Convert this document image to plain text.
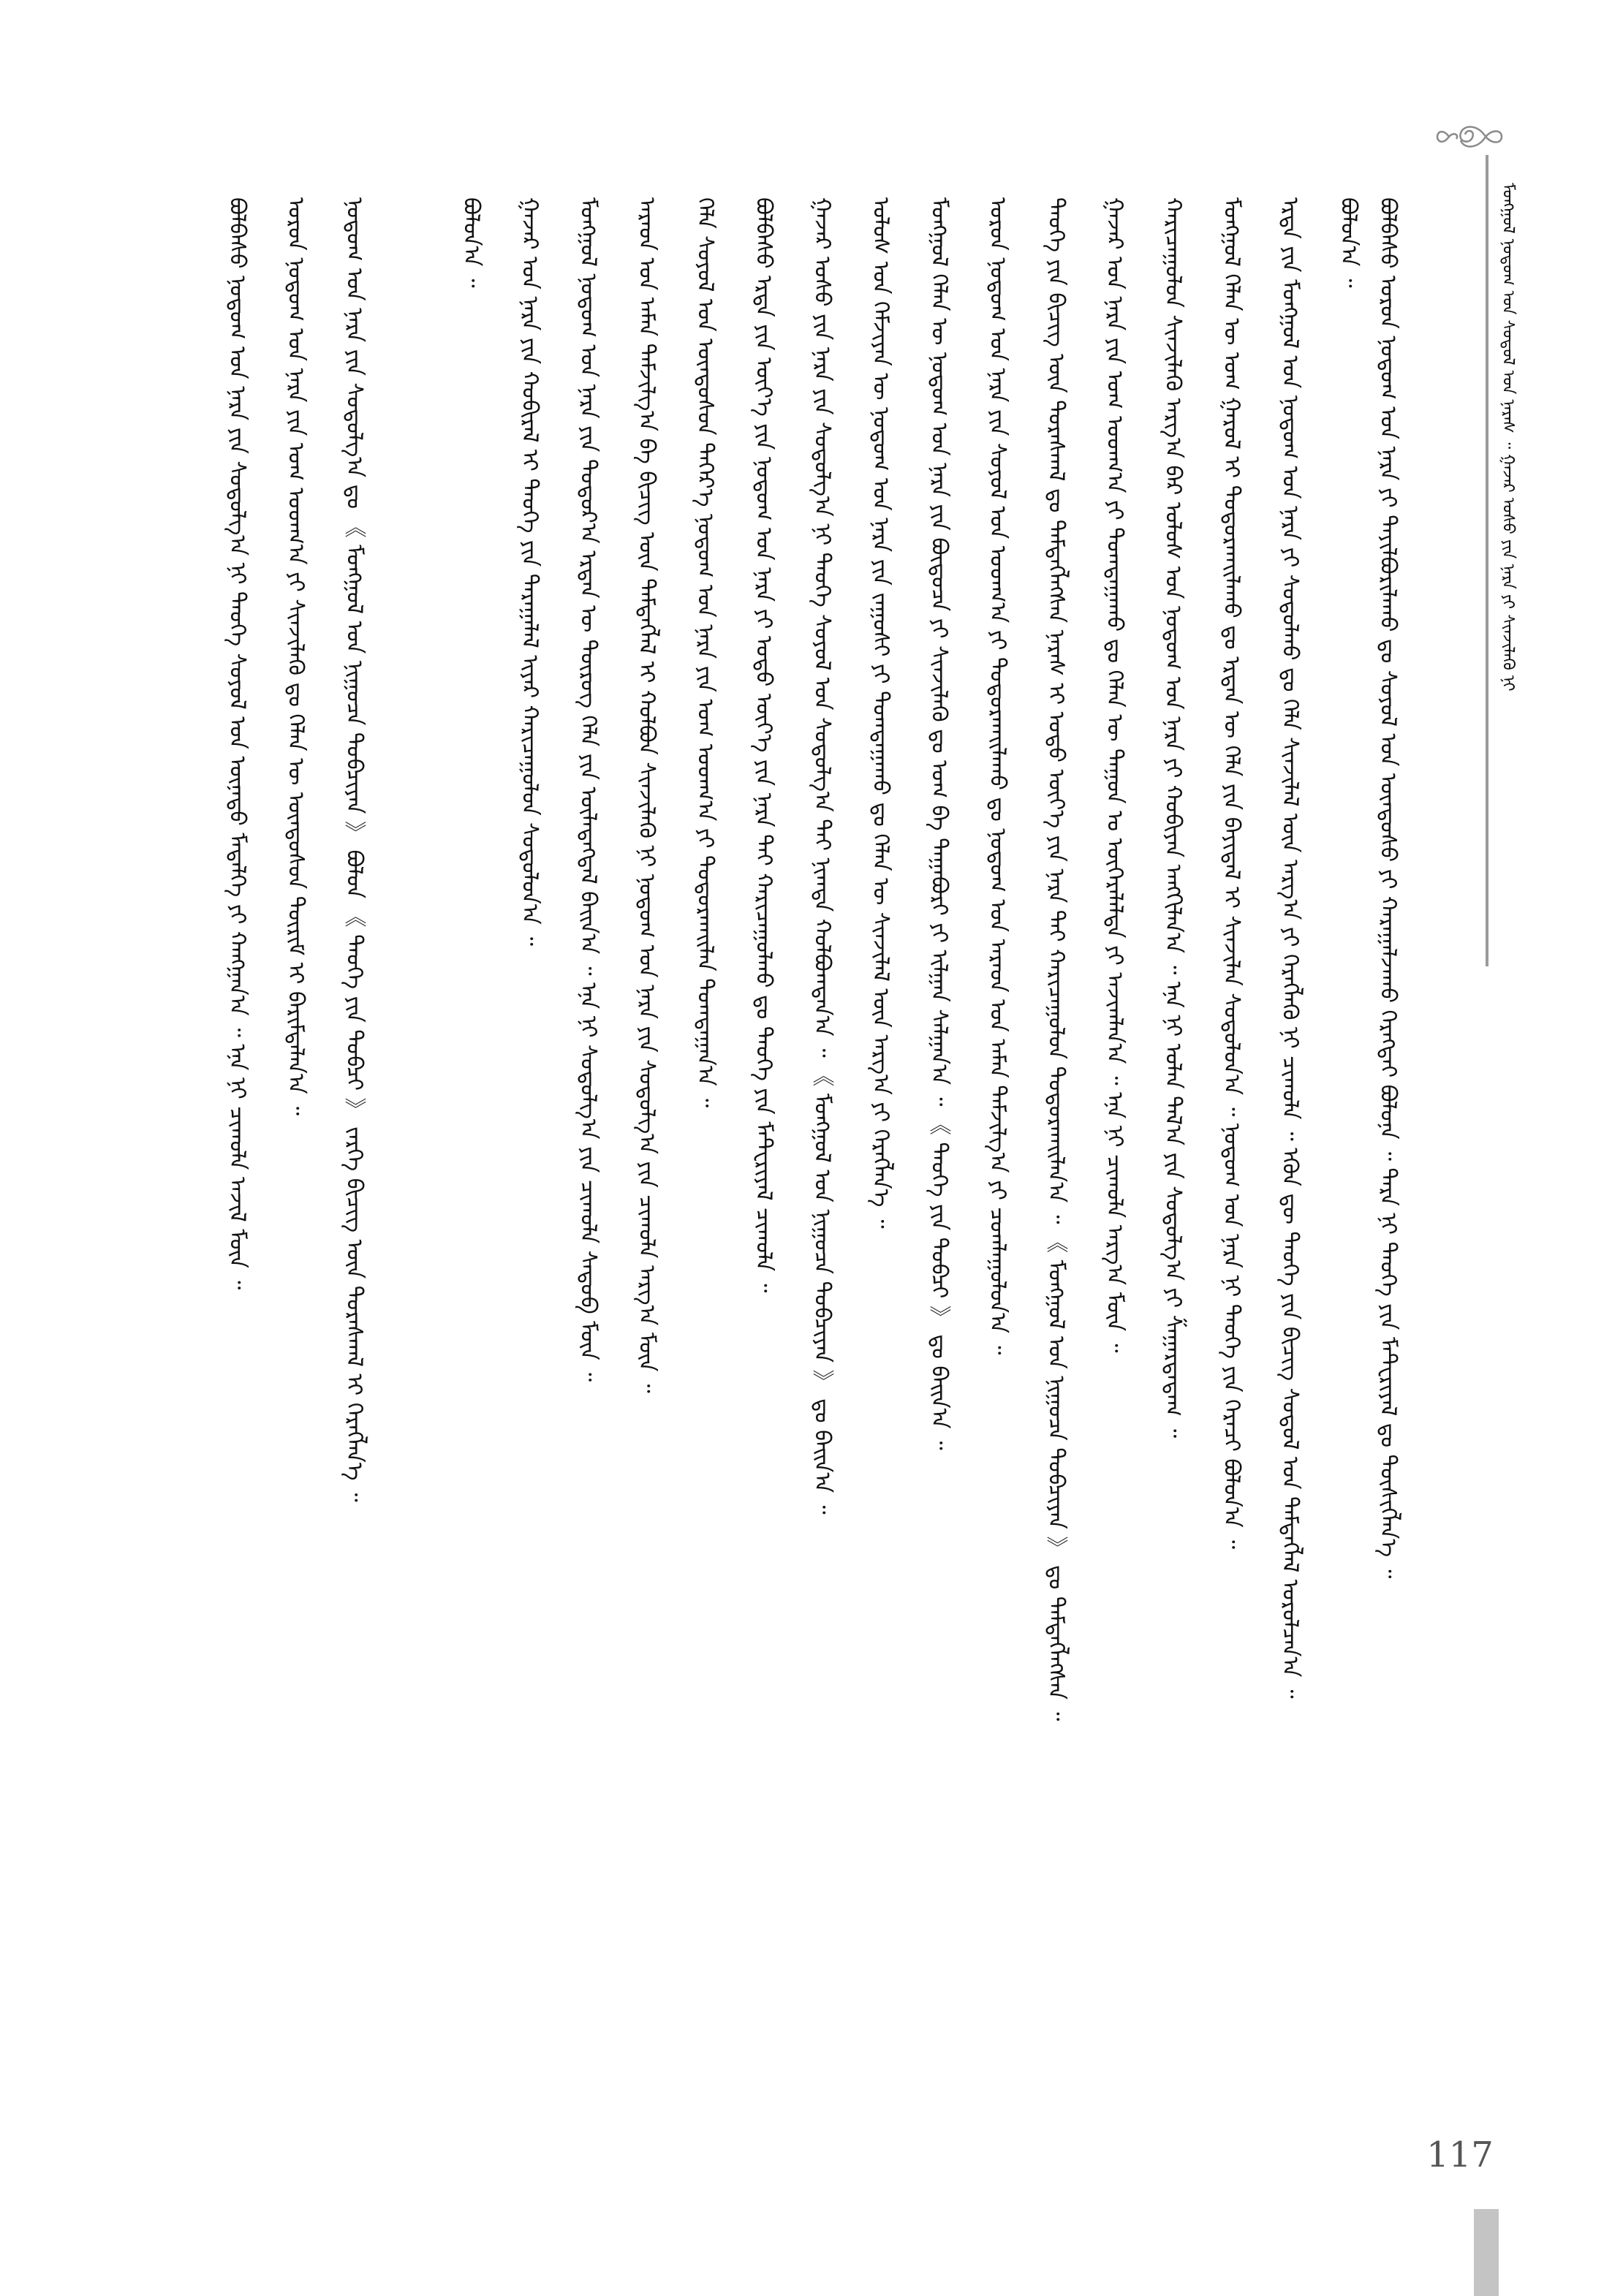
ᠮᠣᠩᠭᠣᠯ ᠨᠤᠲᠤᠭ ᠤᠨ ᠰᠤᠳᠤᠯ ᠤᠨ ᠨᠡᠷᠡᠰ ᠃ ᠭᠠᠵᠠᠷ ᠤᠰᠤ ᠶᠢᠨ ᠨᠡᠷᠡ ᠶᠢ ᠰᠢᠨᠵᠢᠯᠡᠬᠦ ᠨᠢ
ᠪᠣᠯᠪᠠᠰᠤ ᠣᠷᠣᠨ ᠨᠤᠲᠤᠭ ᠤᠨ ᠨᠡᠷᠡ ᠶᠢ ᠲᠠᠶᠢᠯᠪᠤᠷᠢᠯᠠᠬᠤ ᠳᠤ ᠰᠣᠶᠤᠯ ᠤᠨ ᠦᠨᠳᠦᠰᠦ ᠶᠢ ᠬᠠᠷᠠᠭᠠᠯᠵᠠᠬᠤ ᠬᠡᠷᠡᠭᠲᠡᠢ ᠪᠣᠯᠤᠨᠠ ᠃ ᠲᠡᠷᠡ ᠨᠢ ᠲᠡᠦᠬᠡ ᠶᠢᠨ ᠮᠠᠲ᠋ᠧᠷᠢᠶᠠᠯ ᠳᠤ ᠲᠦᠰᠢᠭᠯᠡᠨ᠎ᠡ ᠃
ᠪᠣᠯᠤᠨ᠎ᠠ ᠃
ᠡᠷᠲᠡ ᠶᠢᠨ ᠮᠣᠩᠭᠣᠯ ᠤᠨ ᠨᠤᠲᠤᠭ ᠤᠨ ᠨᠡᠷᠡ ᠶᠢ ᠰᠤᠳᠤᠯᠬᠤ ᠳᠤ ᠬᠡᠯᠡ ᠰᠢᠨᠵᠢᠯᠡᠯ ᠦᠨ ᠠᠷᠭ᠎ᠠ ᠶᠢ ᠬᠡᠷᠡᠭᠯᠡᠬᠦ ᠨᠢ ᠴᠢᠬᠤᠯᠠ ᠃ ᠡᠭᠦᠨ ᠳᠦ ᠲᠡᠦᠬᠡ ᠶᠢᠨ ᠪᠢᠴᠢᠭ ᠰᠤᠳᠤᠯ ᠤᠨ ᠲᠡᠮᠳᠡᠭᠯᠡᠯ ᠣᠷᠣᠯᠴᠠᠨ᠎ᠠ ᠃
ᠮᠣᠩᠭᠣᠯ ᠬᠡᠯᠡᠨ ᠦ ᠤᠭ ᠭᠠᠷᠤᠯ ᠢ ᠲᠣᠳᠣᠷᠬᠠᠢᠯᠠᠬᠤ ᠳᠤ ᠡᠷᠲᠡᠨ ᠦ ᠬᠡᠯᠡ ᠶᠢᠨ ᠪᠠᠶᠢᠳᠠᠯ ᠢ ᠰᠢᠨᠵᠢᠯᠡᠨ ᠰᠤᠳᠤᠯᠤᠨ᠎ᠠ ᠃ ᠨᠤᠲᠤᠭ ᠤᠨ ᠨᠡᠷᠡ ᠨᠢ ᠲᠡᠦᠬᠡ ᠶᠢᠨ ᠭᠡᠷᠡᠴᠢ ᠪᠣᠯᠤᠨ᠎ᠠ ᠃
ᠬᠠᠷᠢᠴᠠᠭᠤᠯᠤᠨ ᠰᠢᠨᠵᠢᠯᠡᠬᠦ ᠠᠷᠭ᠎ᠠ ᠪᠠᠷ ᠤᠯᠤᠰ ᠤᠨ ᠨᠤᠲᠤᠭ ᠤᠨ ᠨᠡᠷᠡ ᠶᠢ ᠬᠤᠪᠢᠶᠠᠨ ᠠᠩᠭᠢᠯᠠᠨ᠎ᠠ ᠃ ᠡᠨᠡ ᠨᠢ ᠣᠯᠠᠨ ᠲᠠᠯ᠎ᠠ ᠶᠢᠨ ᠰᠤᠳᠤᠯᠭ᠎ᠠ ᠶᠢ ᠱᠠᠭᠠᠷᠳᠠᠳᠠᠭ ᠃
ᠭᠠᠵᠠᠷ ᠤᠨ ᠨᠡᠷᠡ ᠶᠢᠨ ᠤᠭ ᠤᠳᠬ᠎ᠠ ᠶᠢ ᠲᠣᠭᠲᠠᠭᠠᠬᠤ ᠳᠤ ᠬᠡᠯᠡᠨ ᠦ ᠳᠠᠭᠤᠨ ᠤ ᠥᠭᠡᠷᠡᠯᠡᠯᠲᠡ ᠶᠢ ᠠᠵᠢᠭᠯᠠᠨ᠎ᠠ ᠃ ᠡᠨᠡ ᠨᠢ ᠴᠢᠬᠤᠯᠠ ᠠᠷᠭ᠎ᠠ ᠮᠦᠨ ᠃
ᠲᠡᠦᠬᠡ ᠶᠢᠨ ᠪᠢᠴᠢᠭ ᠦᠨ ᠳᠤᠷᠠᠰᠬᠠᠯ ᠳᠤ ᠲᠡᠮᠳᠡᠭᠯᠡᠭᠰᠡᠨ ᠨᠡᠷᠡᠰ ᠢ ᠣᠳᠣ ᠦᠶ᠎ᠡ ᠶᠢᠨ ᠨᠡᠷᠡ ᠲᠡᠢ ᠬᠠᠷᠢᠴᠠᠭᠤᠯᠤᠨ ᠲᠣᠳᠣᠷᠬᠠᠢᠯᠠᠨ᠎ᠠ ᠃ 《 ᠮᠣᠩᠭᠣᠯ ᠤᠨ ᠨᠢᠭᠤᠴᠠ ᠲᠣᠪᠴᠢᠶᠠᠨ 》 ᠳᠤ ᠲᠡᠮᠳᠡᠭᠯᠡᠭᠰᠡᠨ ᠃
ᠣᠷᠣᠨ ᠨᠤᠲᠤᠭ ᠤᠨ ᠨᠡᠷᠡ ᠶᠢᠨ ᠰᠣᠶᠤᠯ ᠤᠨ ᠤᠳᠬ᠎ᠠ ᠶᠢ ᠲᠣᠳᠣᠷᠬᠠᠢᠯᠠᠬᠤ ᠳᠤ ᠨᠤᠲᠤᠭ ᠤᠨ ᠠᠷᠠᠳ ᠤᠨ ᠠᠮᠠᠨ ᠳᠠᠮᠵᠢᠯᠭ᠎ᠠ ᠶᠢ ᠴᠤᠭᠯᠠᠭᠤᠯᠤᠨ᠎ᠠ ᠃
ᠮᠣᠩᠭᠣᠯ ᠬᠡᠯᠡᠨ ᠦ ᠨᠤᠲᠤᠭ ᠤᠨ ᠨᠡᠷᠡ ᠶᠢᠨ ᠪᠦᠲᠦᠴᠡ ᠶᠢ ᠰᠢᠨᠵᠢᠯᠡᠬᠦ ᠳᠤ ᠤᠭ ᠪᠠ ᠳᠠᠭᠠᠪᠤᠷᠢ ᠶᠢ ᠢᠯᠭᠠᠨ ᠰᠠᠯᠭᠠᠨ᠎ᠠ ᠃ 《 ᠲᠡᠦᠬᠡ ᠶᠢᠨ ᠲᠣᠪᠴᠢ 》 ᠳᠤ ᠪᠠᠢᠨ᠎ᠠ ᠃
ᠤᠯᠤᠰ ᠤᠨ ᠬᠡᠮᠵᠢᠶᠡᠨ ᠦ ᠨᠤᠲᠤᠭ ᠤᠨ ᠨᠡᠷᠡ ᠶᠢᠨ ᠵᠠᠭᠤᠰᠢ ᠶᠢ ᠲᠣᠭᠲᠠᠭᠠᠬᠤ ᠳᠤ ᠬᠡᠯᠡᠨ ᠦ ᠰᠢᠨᠵᠢᠯᠡᠯ ᠦᠨ ᠠᠷᠭ᠎ᠠ ᠶᠢ ᠬᠡᠷᠡᠭᠯᠡᠨ᠎ᠡ ᠃
ᠭᠠᠵᠠᠷ ᠤᠰᠤ ᠶᠢᠨ ᠨᠡᠷᠡ ᠶᠢᠨ ᠰᠤᠳᠤᠯᠭ᠎ᠠ ᠨᠢ ᠲᠡᠦᠬᠡ ᠰᠣᠶᠤᠯ ᠤᠨ ᠰᠤᠳᠤᠯᠭ᠎ᠠ ᠲᠠᠢ ᠨᠢᠭᠲᠠ ᠬᠣᠯᠪᠣᠭᠳᠠᠨ᠎ᠠ ᠃ 《 ᠮᠣᠩᠭᠣᠯ ᠤᠨ ᠨᠢᠭᠤᠴᠠ ᠲᠣᠪᠴᠢᠶᠠᠨ 》 ᠳᠤ ᠪᠠᠢᠨ᠎ᠠ ᠃
ᠪᠣᠯᠪᠠᠰᠤ ᠡᠷᠲᠡ ᠶᠢᠨ ᠦᠶ᠎ᠡ ᠶᠢᠨ ᠨᠤᠲᠤᠭ ᠤᠨ ᠨᠡᠷᠡ ᠶᠢ ᠣᠳᠣ ᠦᠶ᠎ᠡ ᠶᠢᠨ ᠨᠡᠷᠡ ᠲᠡᠢ ᠬᠠᠷᠢᠴᠠᠭᠤᠯᠬᠤ ᠳᠤ ᠲᠡᠦᠬᠡ ᠶᠢᠨ ᠮᠠᠲ᠋ᠧᠷᠢᠶᠠᠯ ᠴᠢᠬᠤᠯᠠ ᠃
ᠬᠡᠯᠡ ᠰᠣᠶᠤᠯ ᠤᠨ ᠦᠨᠳᠦᠰᠦᠨ ᠳᠡᠭᠡᠷ᠎ᠡ ᠨᠤᠲᠤᠭ ᠤᠨ ᠨᠡᠷᠡ ᠶᠢᠨ ᠤᠭ ᠤᠳᠬ᠎ᠠ ᠶᠢ ᠲᠣᠳᠣᠷᠬᠠᠢᠯᠠᠨ ᠲᠣᠭᠲᠠᠭᠠᠨ᠎ᠠ ᠃
ᠠᠷᠠᠳ ᠤᠨ ᠠᠮᠠᠨ ᠳᠠᠮᠵᠢᠯᠭ᠎ᠠ ᠪᠠ ᠪᠢᠴᠢᠭ ᠦᠨ ᠲᠡᠮᠳᠡᠭᠯᠡᠯ ᠢ ᠬᠣᠯᠪᠣᠨ ᠰᠢᠨᠵᠢᠯᠡᠬᠦ ᠨᠢ ᠨᠤᠲᠤᠭ ᠤᠨ ᠨᠡᠷᠡ ᠶᠢᠨ ᠰᠤᠳᠤᠯᠭ᠎ᠠ ᠶᠢᠨ ᠴᠢᠬᠤᠯᠠ ᠠᠷᠭ᠎ᠠ ᠮᠦᠨ ᠃
ᠮᠣᠩᠭᠣᠯ ᠨᠤᠲᠤᠭ ᠤᠨ ᠨᠡᠷᠡ ᠶᠢᠨ ᠳᠣᠲᠣᠷ᠎ᠠ ᠡᠷᠲᠡᠨ ᠦ ᠲᠦᠷᠦᠭ ᠬᠡᠯᠡ ᠶᠢᠨ ᠦᠯᠡᠳᠡᠭᠳᠡᠯ ᠪᠠᠢᠨ᠎ᠠ ᠃ ᠡᠨᠡ ᠨᠢ ᠰᠤᠳᠤᠯᠭ᠎ᠠ ᠶᠢᠨ ᠴᠢᠬᠤᠯᠠ ᠰᠡᠳᠦᠪ ᠮᠦᠨ ᠃
ᠭᠠᠵᠠᠷ ᠤᠨ ᠨᠡᠷᠡ ᠶᠢᠨ ᠬᠤᠪᠢᠷᠠᠯ ᠢ ᠲᠡᠦᠬᠡ ᠶᠢᠨ ᠳᠠᠷᠠᠭᠠᠯᠠᠯ ᠢᠶᠠᠷ ᠬᠠᠷᠢᠴᠠᠭᠤᠯᠤᠨ ᠰᠤᠳᠤᠯᠤᠨ᠎ᠠ ᠃
ᠪᠣᠯᠤᠨ᠎ᠠ ᠃
ᠨᠤᠲᠤᠭ ᠤᠨ ᠨᠡᠷᠡ ᠶᠢᠨ ᠰᠤᠳᠤᠯᠭ᠎ᠠ ᠳᠤ 《 ᠮᠣᠩᠭᠣᠯ ᠤᠨ ᠨᠢᠭᠤᠴᠠ ᠲᠣᠪᠴᠢᠶᠠᠨ 》 ᠪᠣᠯᠤᠨ 《 ᠲᠡᠦᠬᠡ ᠶᠢᠨ ᠲᠣᠪᠴᠢ 》 ᠵᠡᠷᠭᠡ ᠪᠢᠴᠢᠭ ᠦᠨ ᠳᠤᠷᠠᠰᠬᠠᠯ ᠢ ᠬᠡᠷᠡᠭᠯᠡᠨ᠎ᠡ ᠃
ᠣᠷᠣᠨ ᠨᠤᠲᠤᠭ ᠤᠨ ᠨᠡᠷᠡ ᠶᠢᠨ ᠤᠭ ᠤᠳᠬ᠎ᠠ ᠶᠢ ᠰᠢᠨᠵᠢᠯᠡᠬᠦ ᠳᠤ ᠬᠡᠯᠡᠨ ᠦ ᠦᠨᠳᠦᠰᠦᠨ ᠳᠦᠷᠢᠮ ᠢ ᠪᠠᠷᠢᠮᠲᠠᠯᠠᠨ᠎ᠠ ᠃
ᠪᠣᠯᠪᠠᠰᠤ ᠨᠤᠲᠤᠭ ᠤᠨ ᠨᠡᠷᠡ ᠶᠢᠨ ᠰᠤᠳᠤᠯᠭ᠎ᠠ ᠨᠢ ᠲᠡᠦᠬᠡ ᠰᠣᠶᠤᠯ ᠤᠨ ᠦᠨᠡᠲᠦ ᠮᠡᠳᠡᠯᠭᠡ ᠶᠢ ᠬᠠᠩᠭᠠᠨ᠎ᠠ ᠃ ᠡᠨᠡ ᠨᠢ ᠴᠢᠬᠤᠯᠠ ᠠᠵᠢᠯ ᠮᠦᠨ ᠃
117
